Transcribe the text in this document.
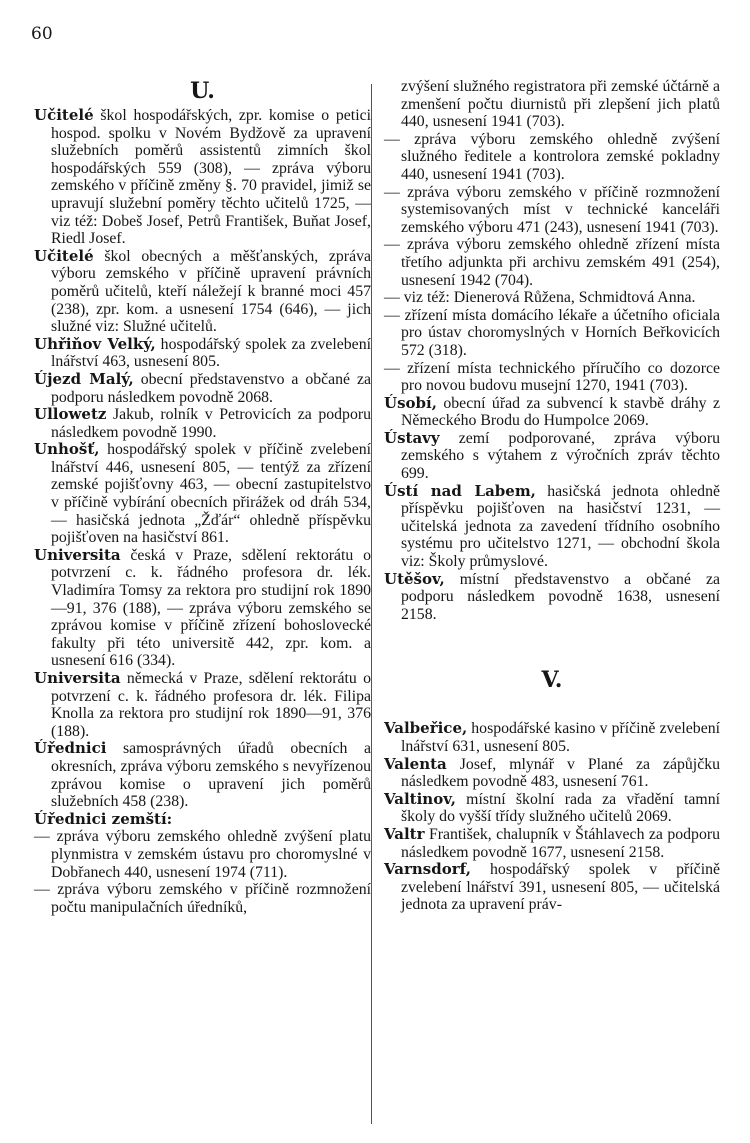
60
U.
Učitelé škol hospodářských, zpr. komise o petici hospod. spolku v Novém Bydžově za upravení služebních poměrů assistentů zimních škol hospodářských 559 (308), — zpráva výboru zemského v příčině změny §. 70 pravidel, jimiž se upravují služební poměry těchto učitelů 1725, — viz též: Dobeš Josef, Petrů František, Buňat Josef, Riedl Josef.
Učitelé škol obecných a měšťanských, zpráva výboru zemského v příčině upravení právních poměrů učitelů, kteří náležejí k branné moci 457 (238), zpr. kom. a usnesení 1754 (646), — jich služné viz: Služné učitelů.
Uhřiňov Velký, hospodářský spolek za zvelebení lnářství 463, usnesení 805.
Újezd Malý, obecní představenstvo a občané za podporu následkem povodně 2068.
Ullowetz Jakub, rolník v Petrovicích za podporu následkem povodně 1990.
Unhošť, hospodářský spolek v příčině zvelebení lnářství 446, usnesení 805, — tentýž za zřízení zemské pojišťovny 463, — obecní zastupitelstvo v příčině vybírání obecních přirážek od dráh 534, — hasičská jednota „Žďár“ ohledně příspěvku pojišťoven na hasičství 861.
Universita česká v Praze, sdělení rektorátu o potvrzení c. k. řádného profesora dr. lék. Vladimíra Tomsy za rektora pro studijní rok 1890—91, 376 (188), — zpráva výboru zemského se zprávou komise v příčině zřízení bohoslovecké fakulty při této universitě 442, zpr. kom. a usnesení 616 (334).
Universita německá v Praze, sdělení rektorátu o potvrzení c. k. řádného profesora dr. lék. Filipa Knolla za rektora pro studijní rok 1890—91, 376 (188).
Úřednici samosprávných úřadů obecních a okresních, zpráva výboru zemského s nevyřízenou zprávou komise o upravení jich poměrů služebních 458 (238).
Úřednici zemští:
— zpráva výboru zemského ohledně zvýšení platu plynmistra v zemském ústavu pro choromyslné v Dobřanech 440, usnesení 1974 (711).
— zpráva výboru zemského v příčině rozmnožení počtu manipulačních úředníků,
zvýšení služného registratora při zemské účtárně a zmenšení počtu diurnistů při zlepšení jich platů 440, usnesení 1941 (703).
— zpráva výboru zemského ohledně zvýšení služného ředitele a kontrolora zemské pokladny 440, usnesení 1941 (703).
— zpráva výboru zemského v příčině rozmnožení systemisovaných míst v technické kanceláři zemského výboru 471 (243), usnesení 1941 (703).
— zpráva výboru zemského ohledně zřízení místa třetího adjunkta při archivu zemském 491 (254), usnesení 1942 (704).
— viz též: Dienerová Růžena, Schmidtová Anna.
— zřízení místa domácího lékaře a účetního oficiala pro ústav choromyslných v Horních Beřkovicích 572 (318).
— zřízení místa technického příručího co dozorce pro novou budovu musejní 1270, 1941 (703).
Úsobí, obecní úřad za subvencí k stavbě dráhy z Německého Brodu do Humpolce 2069.
Ústavy zemí podporované, zpráva výboru zemského s výtahem z výročních zpráv těchto 699.
Ústí nad Labem, hasičská jednota ohledně příspěvku pojišťoven na hasičství 1231, — učitelská jednota za zavedení třídního osobního systému pro učitelstvo 1271, — obchodní škola viz: Školy průmyslové.
Utěšov, místní představenstvo a občané za podporu následkem povodně 1638, usnesení 2158.
V.
Valbeřice, hospodářské kasino v příčině zvelebení lnářství 631, usnesení 805.
Valenta Josef, mlynář v Plané za zápůjčku následkem povodně 483, usnesení 761.
Valtinov, místní školní rada za vřadění tamní školy do vyšší třídy služného učitelů 2069.
Valtr František, chalupník v Štáhlavech za podporu následkem povodně 1677, usnesení 2158.
Varnsdorf, hospodářský spolek v příčině zvelebení lnářství 391, usnesení 805, — učitelská jednota za upravení práv-
